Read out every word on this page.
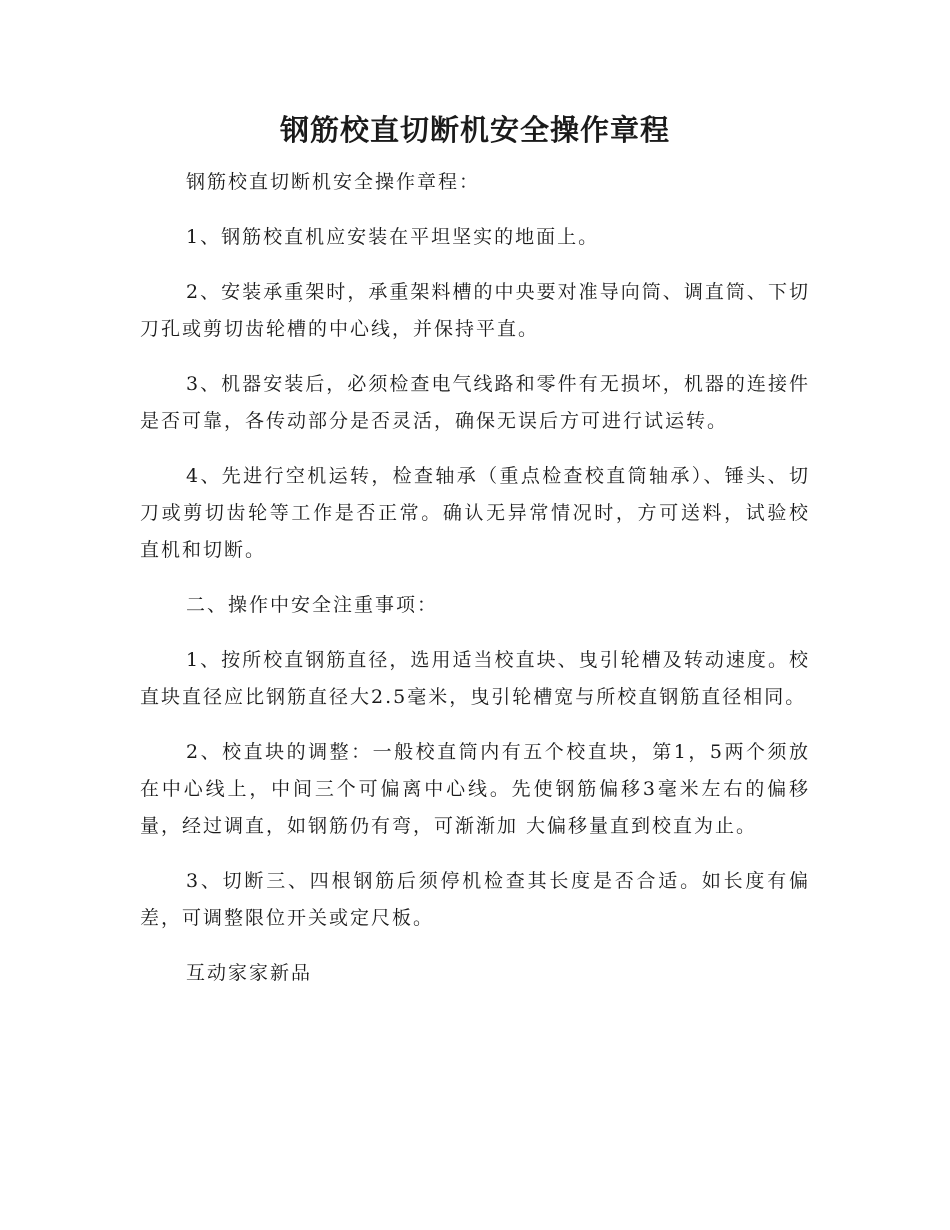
钢筋校直切断机安全操作章程

钢筋校直切断机安全操作章程：

1、钢筋校直机应安装在平坦坚实的地面上。

2、安装承重架时，承重架料槽的中央要对准导向筒、调直筒、下切刀孔或剪切齿轮槽的中心线，并保持平直。

3、机器安装后，必须检查电气线路和零件有无损坏，机器的连接件是否可靠，各传动部分是否灵活，确保无误后方可进行试运转。

4、先进行空机运转，检查轴承（重点检查校直筒轴承）、锤头、切刀或剪切齿轮等工作是否正常。确认无异常情况时，方可送料，试验校直机和切断。

二、操作中安全注重事项：

1、按所校直钢筋直径，选用适当校直块、曳引轮槽及转动速度。校直块直径应比钢筋直径大2.5毫米，曳引轮槽宽与所校直钢筋直径相同。

2、校直块的调整：一般校直筒内有五个校直块，第1，5两个须放在中心线上，中间三个可偏离中心线。先使钢筋偏移3毫米左右的偏移量，经过调直，如钢筋仍有弯，可渐渐加 大偏移量直到校直为止。

3、切断三、四根钢筋后须停机检查其长度是否合适。如长度有偏差，可调整限位开关或定尺板。

互动家家新品
